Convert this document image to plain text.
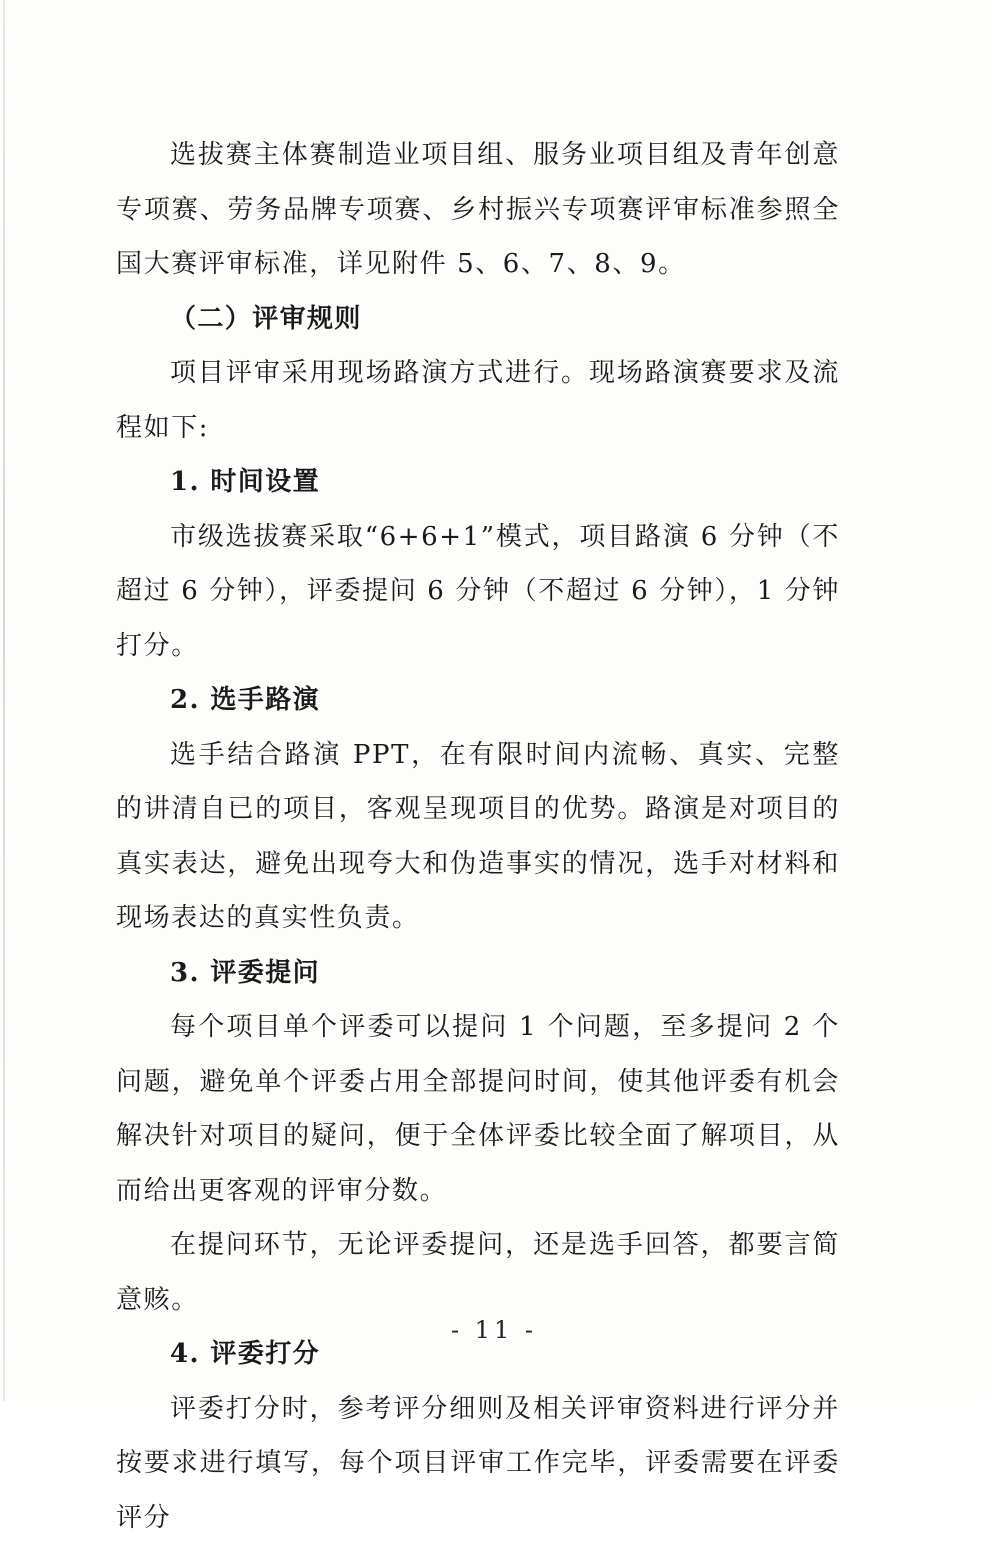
选拔赛主体赛制造业项目组、服务业项目组及青年创意专项赛、劳务品牌专项赛、乡村振兴专项赛评审标准参照全国大赛评审标准，详见附件 5、6、7、8、9。

（二）评审规则

项目评审采用现场路演方式进行。现场路演赛要求及流程如下:

1. 时间设置

市级选拔赛采取“6+6+1”模式，项目路演 6 分钟（不超过 6 分钟），评委提问 6 分钟（不超过 6 分钟），1 分钟打分。

2. 选手路演

选手结合路演 PPT，在有限时间内流畅、真实、完整的讲清自已的项目，客观呈现项目的优势。路演是对项目的真实表达，避免出现夸大和伪造事实的情况，选手对材料和现场表达的真实性负责。

3. 评委提问

每个项目单个评委可以提问 1 个问题，至多提问 2 个问题，避免单个评委占用全部提问时间，使其他评委有机会解决针对项目的疑问，便于全体评委比较全面了解项目，从而给出更客观的评审分数。

在提问环节，无论评委提问，还是选手回答，都要言简意赅。

4. 评委打分

评委打分时，参考评分细则及相关评审资料进行评分并按要求进行填写，每个项目评审工作完毕，评委需要在评委评分

- 11 -
